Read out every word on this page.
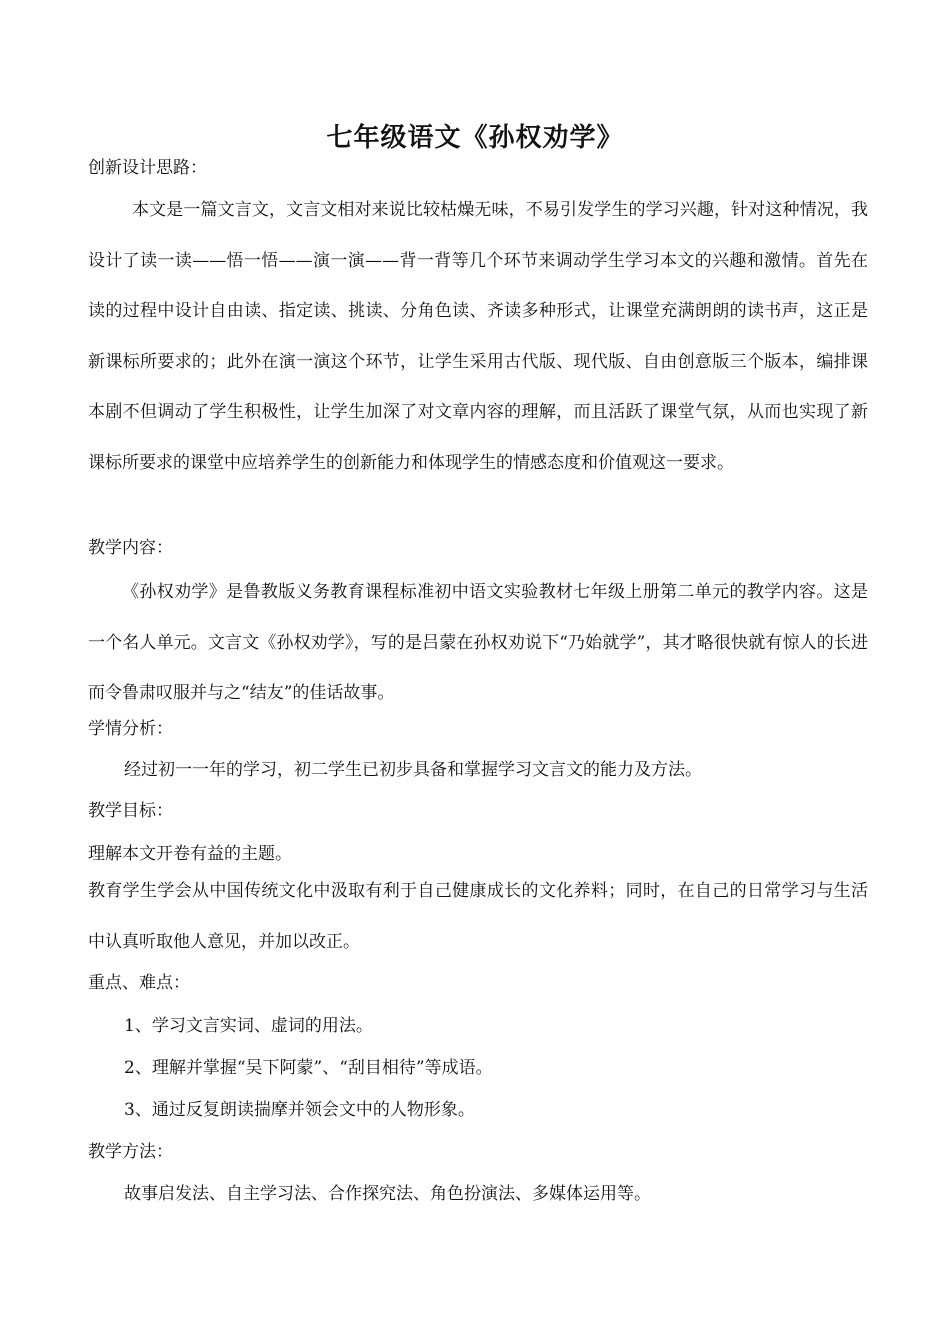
七年级语文《孙权劝学》
创新设计思路：
本文是一篇文言文，文言文相对来说比较枯燥无味，不易引发学生的学习兴趣，针对这种情况，我设计了读一读——悟一悟——演一演——背一背等几个环节来调动学生学习本文的兴趣和激情。首先在读的过程中设计自由读、指定读、挑读、分角色读、齐读多种形式，让课堂充满朗朗的读书声，这正是新课标所要求的；此外在演一演这个环节，让学生采用古代版、现代版、自由创意版三个版本，编排课本剧不但调动了学生积极性，让学生加深了对文章内容的理解，而且活跃了课堂气氛，从而也实现了新课标所要求的课堂中应培养学生的创新能力和体现学生的情感态度和价值观这一要求。
教学内容：
《孙权劝学》是鲁教版义务教育课程标准初中语文实验教材七年级上册第二单元的教学内容。这是一个名人单元。文言文《孙权劝学》，写的是吕蒙在孙权劝说下“乃始就学”，其才略很快就有惊人的长进而令鲁肃叹服并与之“结友”的佳话故事。
学情分析：
经过初一一年的学习，初二学生已初步具备和掌握学习文言文的能力及方法。
教学目标：
理解本文开卷有益的主题。
教育学生学会从中国传统文化中汲取有利于自己健康成长的文化养料；同时，在自己的日常学习与生活中认真听取他人意见，并加以改正。
重点、难点：
1、学习文言实词、虚词的用法。
2、理解并掌握“吴下阿蒙”、“刮目相待”等成语。
3、通过反复朗读揣摩并领会文中的人物形象。
教学方法：
故事启发法、自主学习法、合作探究法、角色扮演法、多媒体运用等。
